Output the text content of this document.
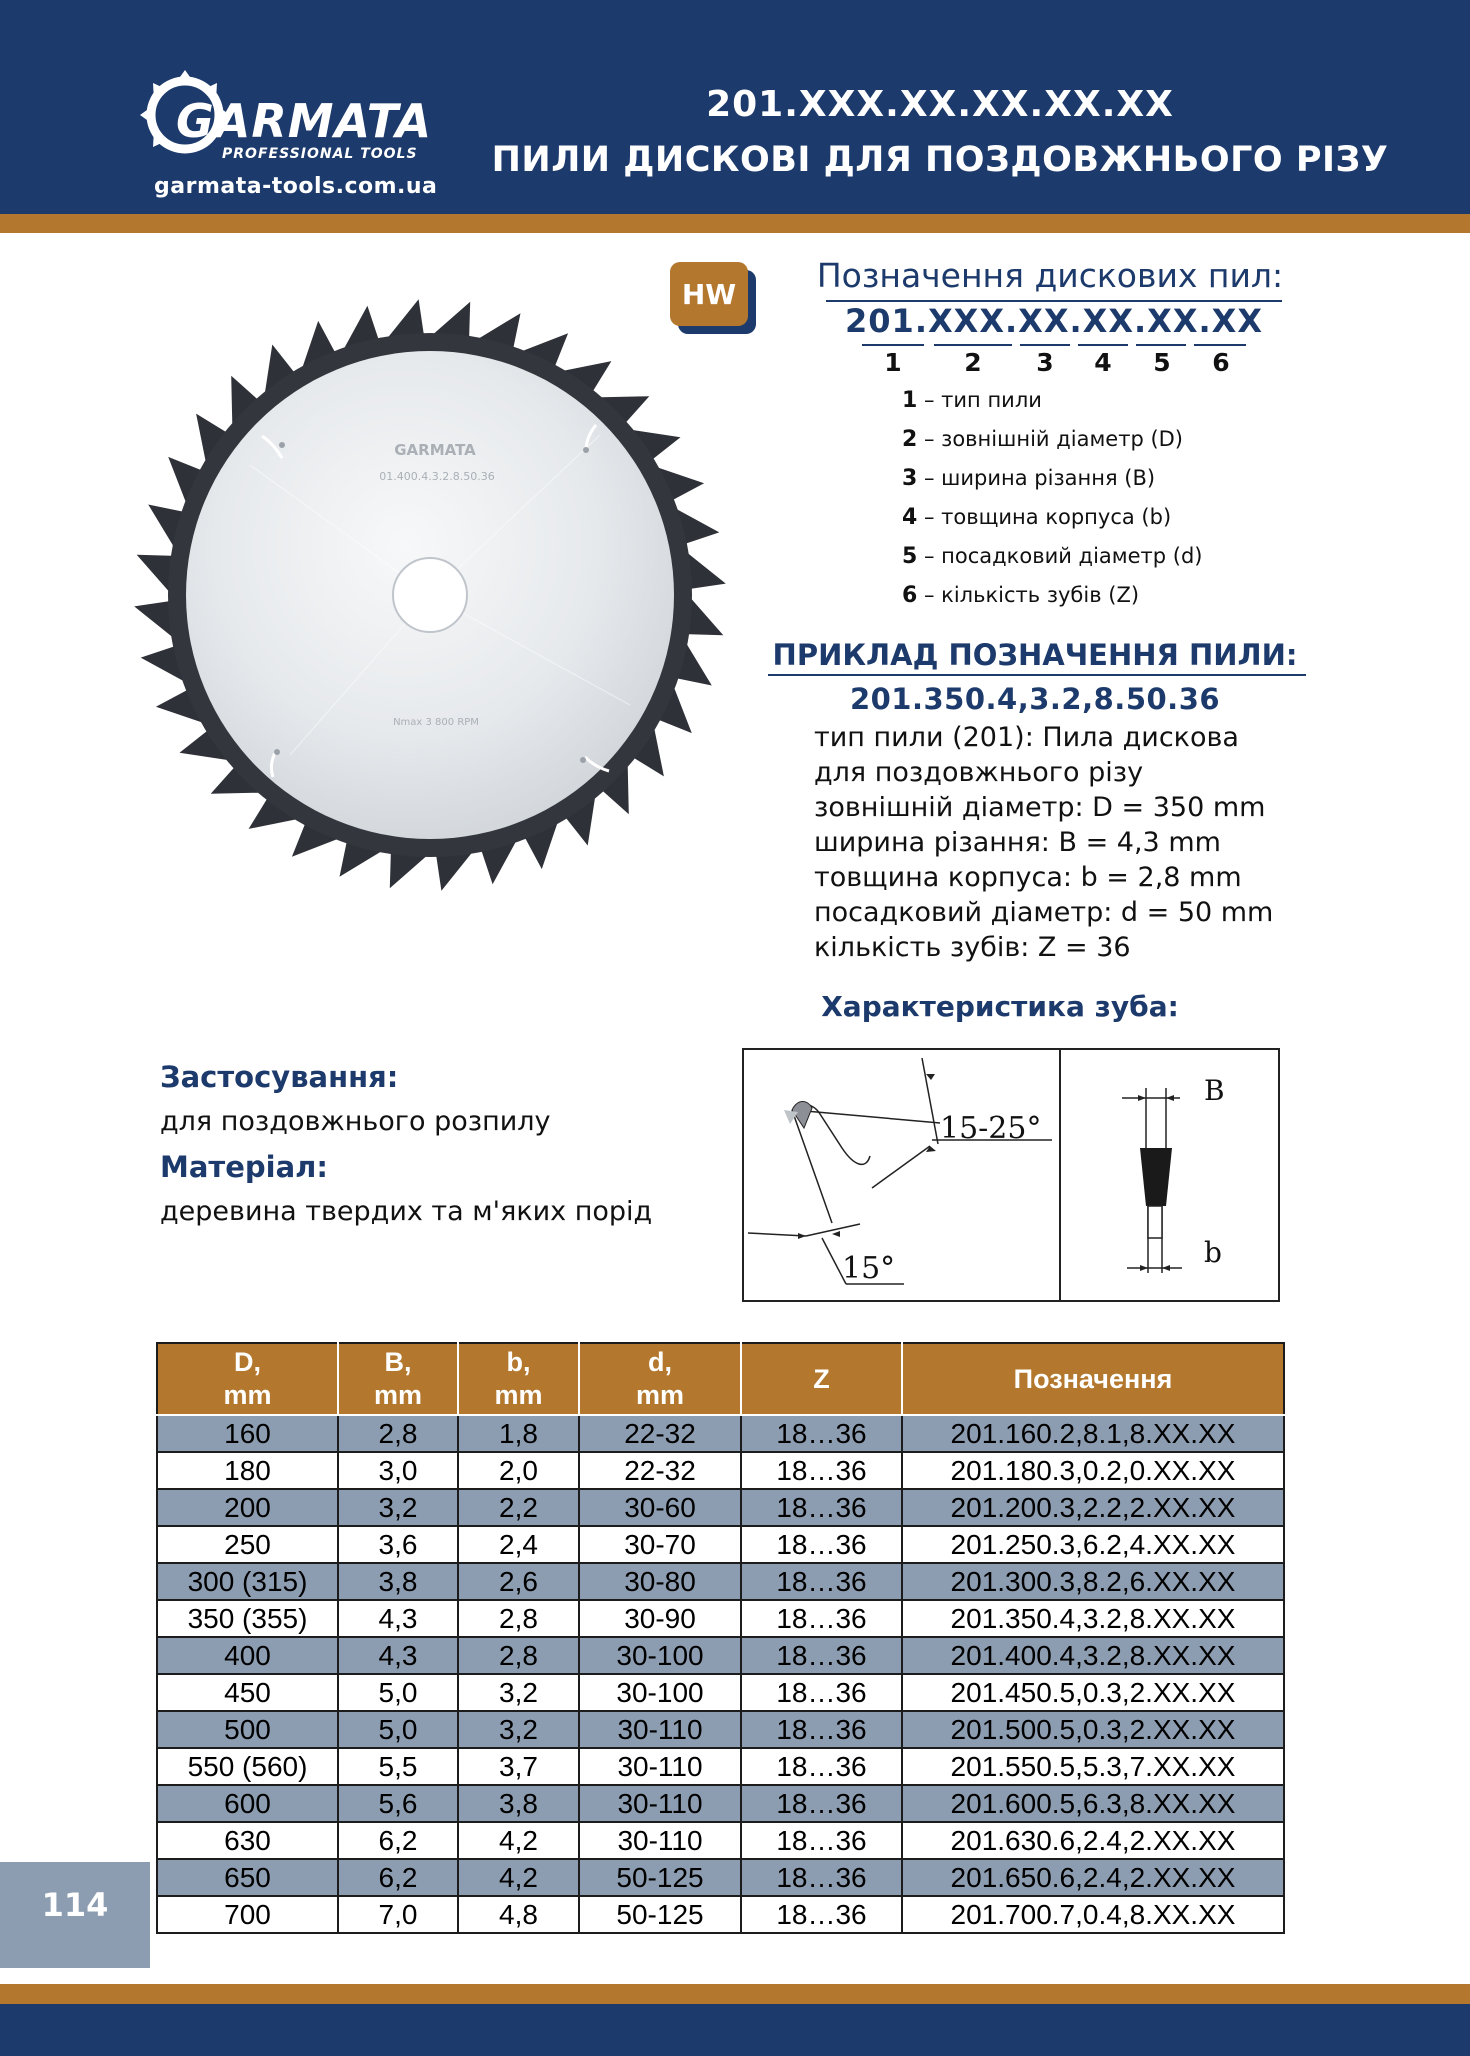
GARMATA
PROFESSIONAL TOOLS
garmata-tools.com.ua
201.XXX.XX.XX.XX.XX
ПИЛИ ДИСКОВІ ДЛЯ ПОЗДОВЖНЬОГО РІЗУ
GARMATA
01.400.4.3.2.8.50.36
Nmax 3 800 RPM
HW	Позначення дискових пил:
201.XXX.XX.XX.XX.XX
1	2	3	4	5	6
1 – тип пили
2 – зовнішній діаметр (D)
3 – ширина різання (B)
4 – товщина корпуса (b)
5 – посадковий діаметр (d)
6 – кількість зубів (Z)
ПРИКЛАД ПОЗНАЧЕННЯ ПИЛИ:
201.350.4,3.2,8.50.36
тип пили (201): Пила дискова
для поздовжнього різу
зовнішній діаметр: D = 350 mm
ширина різання: B = 4,3 mm
товщина корпуса: b = 2,8 mm
посадковий діаметр: d = 50 mm
кількість зубів: Z = 36
Характеристика зуба:
15-25°
15°
B
b
Застосування:
для поздовжнього розпилу
Матеріал:
деревина твердих та м'яких порід
D,
mm	B,
mm	b,
mm	d,
mm	Z	Позначення
160	2,8	1,8	22-32	18…36	201.160.2,8.1,8.XX.XX
180	3,0	2,0	22-32	18…36	201.180.3,0.2,0.XX.XX
200	3,2	2,2	30-60	18…36	201.200.3,2.2,2.XX.XX
250	3,6	2,4	30-70	18…36	201.250.3,6.2,4.XX.XX
300 (315)	3,8	2,6	30-80	18…36	201.300.3,8.2,6.XX.XX
350 (355)	4,3	2,8	30-90	18…36	201.350.4,3.2,8.XX.XX
400	4,3	2,8	30-100	18…36	201.400.4,3.2,8.XX.XX
450	5,0	3,2	30-100	18…36	201.450.5,0.3,2.XX.XX
500	5,0	3,2	30-110	18…36	201.500.5,0.3,2.XX.XX
550 (560)	5,5	3,7	30-110	18…36	201.550.5,5.3,7.XX.XX
600	5,6	3,8	30-110	18…36	201.600.5,6.3,8.XX.XX
630	6,2	4,2	30-110	18…36	201.630.6,2.4,2.XX.XX
650	6,2	4,2	50-125	18…36	201.650.6,2.4,2.XX.XX
700	7,0	4,8	50-125	18…36	201.700.7,0.4,8.XX.XX
114
